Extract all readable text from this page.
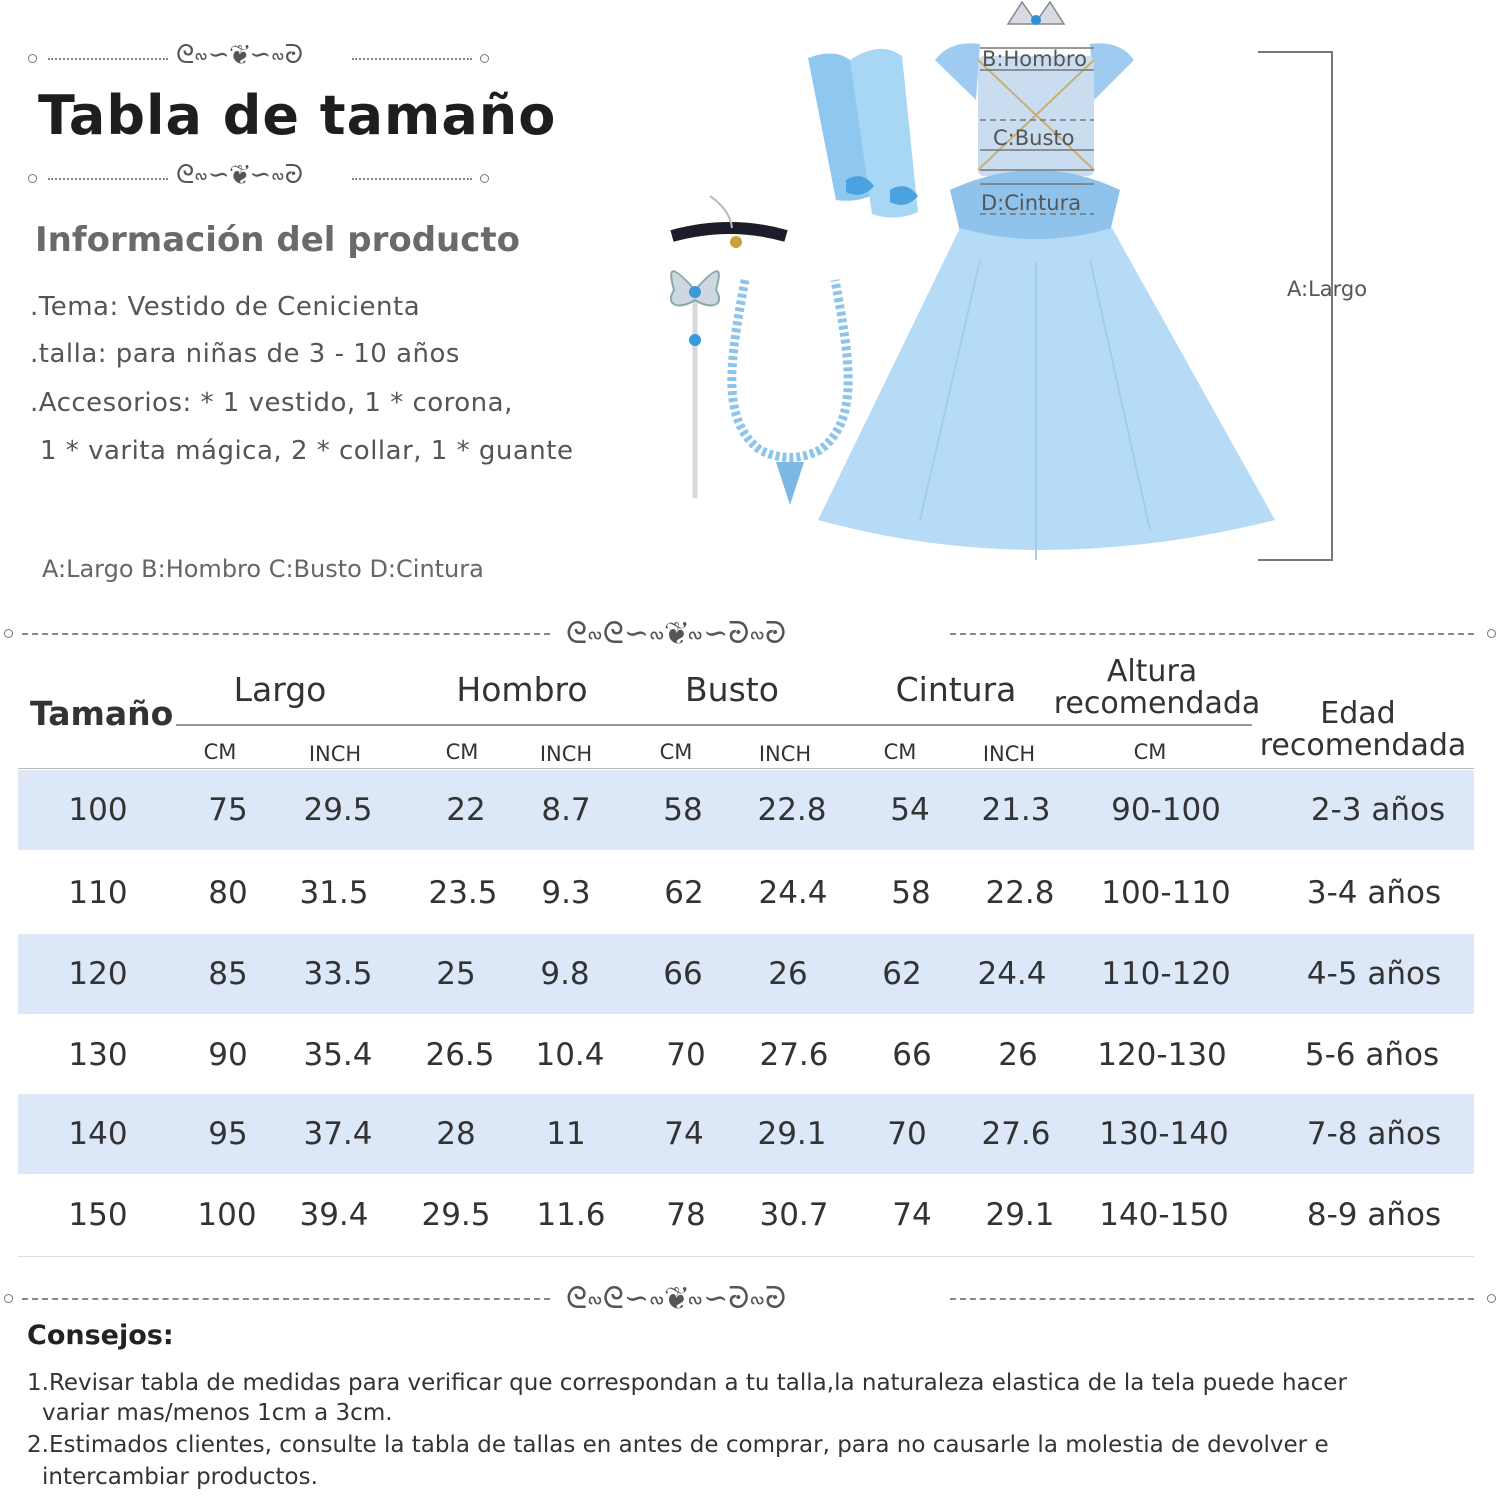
ᘓ∾∽❦∽∾ᘒ
Tabla de tamaño
ᘓ∾∽❦∽∾ᘒ
Información del producto
.Tema: Vestido de Cenicienta
.talla: para niñas de 3 - 10 años
.Accesorios: * 1 vestido, 1 * corona,
1 * varita mágica, 2 * collar, 1 * guante
A:Largo B:Hombro C:Busto D:Cintura
B:Hombro
C:Busto
D:Cintura
A:Largo
ᘓ∾ᘓ∽∾❦∾∽ᘒ∾ᘒ
Tamaño
Largo	Hombro	Busto	Cintura	Altura
recomendada	Edad
recomendada
CM	INCH	CM	INCH	CM	INCH	CM	INCH	CM
100	75	29.5	22	8.7	58	22.8	54	21.3	90-100	2-3 años
110	80	31.5	23.5	9.3	62	24.4	58	22.8	100-110	3-4 años
120	85	33.5	25	9.8	66	26	62	24.4	110-120	4-5 años
130	90	35.4	26.5	10.4	70	27.6	66	26	120-130	5-6 años
140	95	37.4	28	11	74	29.1	70	27.6	130-140	7-8 años
150	100	39.4	29.5	11.6	78	30.7	74	29.1	140-150	8-9 años
ᘓ∾ᘓ∽∾❦∾∽ᘒ∾ᘒ
Consejos:
1.Revisar tabla de medidas para verificar que correspondan a tu talla,la naturaleza elastica de la tela puede hacer
variar mas/menos 1cm a 3cm.
2.Estimados clientes, consulte la tabla de tallas en antes de comprar, para no causarle la molestia de devolver e
intercambiar productos.
